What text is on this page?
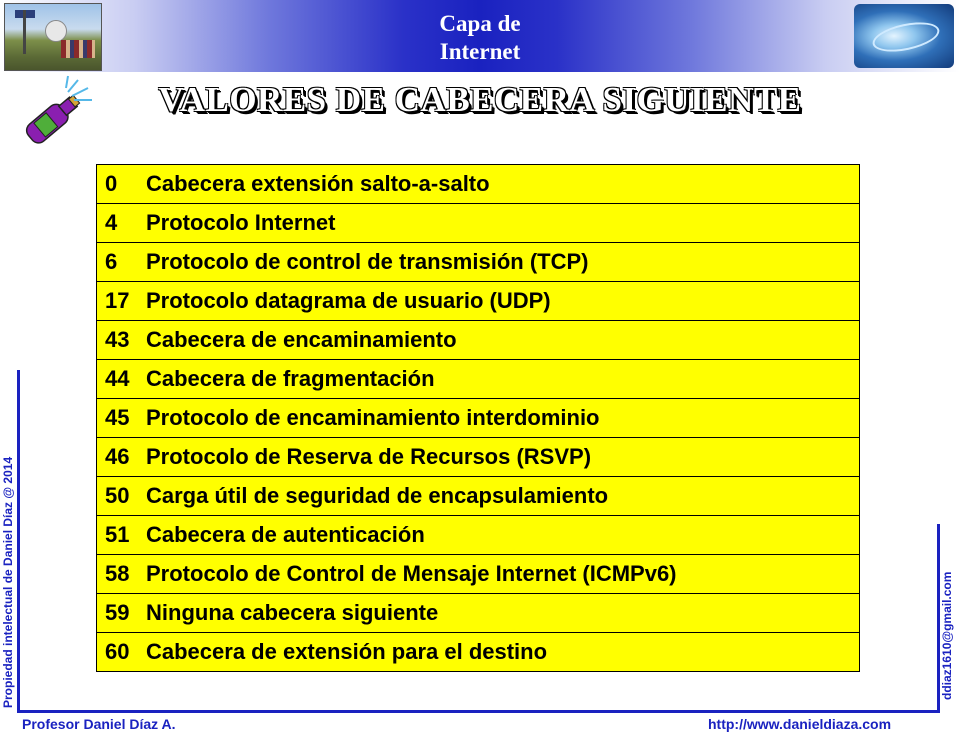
Capa de
Internet
VALORES DE CABECERA SIGUIENTE
0	Cabecera extensión salto-a-salto
4	Protocolo Internet
6	Protocolo de control de transmisión (TCP)
17 Protocolo datagrama de usuario (UDP)
43 Cabecera de encaminamiento
44 Cabecera de fragmentación
45 Protocolo de encaminamiento interdominio
46 Protocolo de Reserva de Recursos (RSVP)
50 Carga útil de seguridad de encapsulamiento
51 Cabecera de autenticación
58 Protocolo de Control de Mensaje Internet (ICMPv6)
59 Ninguna cabecera siguiente
60 Cabecera de extensión para el destino
Propiedad intelectual de Daniel Díaz @ 2014	ddiaz1610@gmail.com
Profesor Daniel Díaz A.	http://www.danieldiaza.com
